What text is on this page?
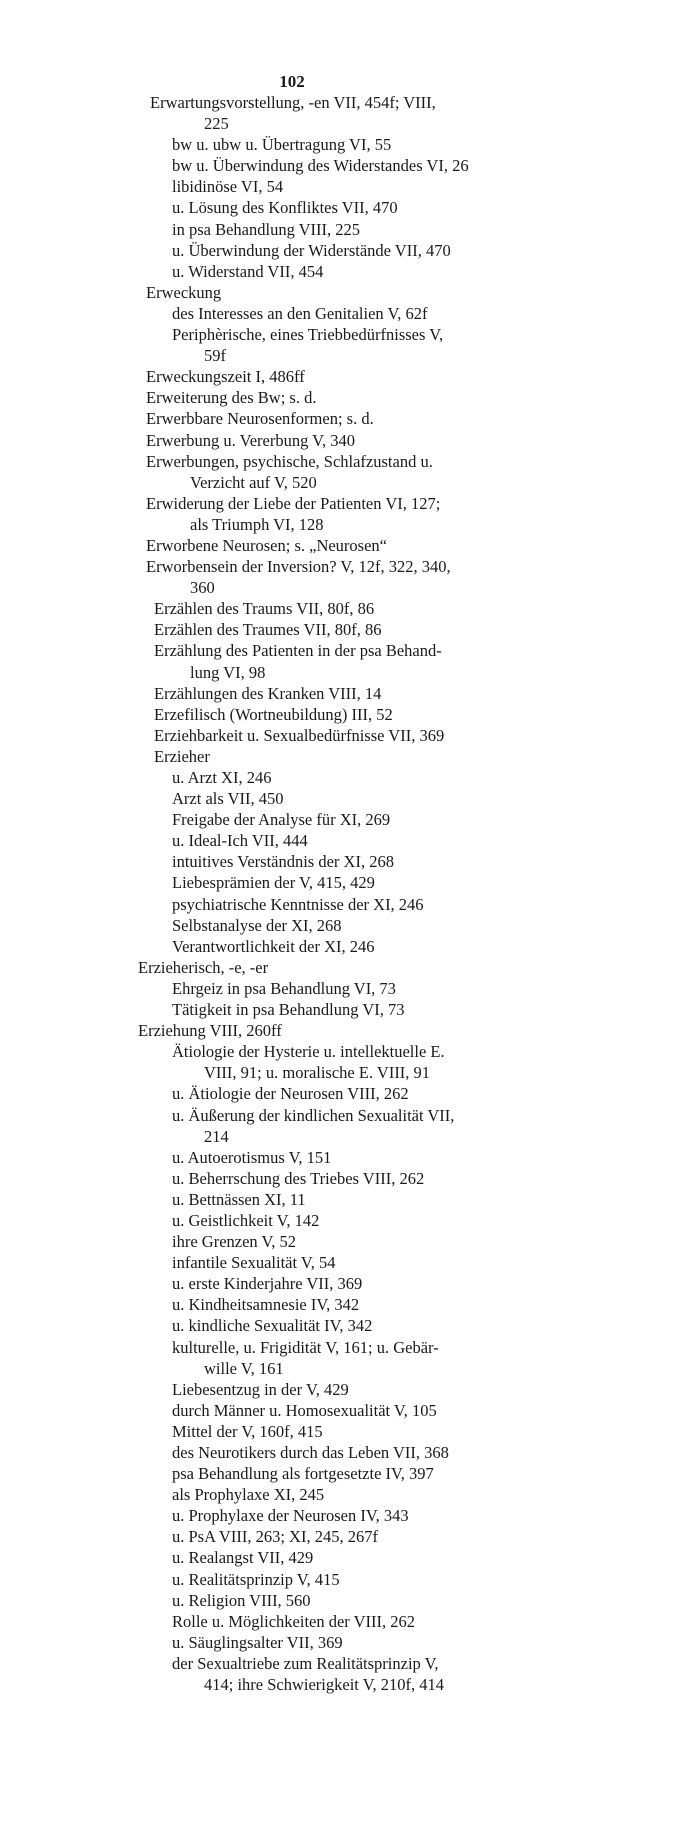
102
Erwartungsvorstellung, -en VII, 454f; VIII,
225
bw u. ubw u. Übertragung VI, 55
bw u. Überwindung des Widerstandes VI, 26
libidinöse VI, 54
u. Lösung des Konfliktes VII, 470
in psa Behandlung VIII, 225
u. Überwindung der Widerstände VII, 470
u. Widerstand VII, 454
Erweckung
des Interesses an den Genitalien V, 62f
Periphèrische, eines Triebbedürfnisses V,
59f
Erweckungszeit I, 486ff
Erweiterung des Bw; s. d.
Erwerbbare Neurosenformen; s. d.
Erwerbung u. Vererbung V, 340
Erwerbungen, psychische, Schlafzustand u.
Verzicht auf V, 520
Erwiderung der Liebe der Patienten VI, 127;
als Triumph VI, 128
Erworbene Neurosen; s. „Neurosen“
Erworbensein der Inversion? V, 12f, 322, 340,
360
Erzählen des Traums VII, 80f, 86
Erzählen des Traumes VII, 80f, 86
Erzählung des Patienten in der psa Behand-
lung VI, 98
Erzählungen des Kranken VIII, 14
Erzefilisch (Wortneubildung) III, 52
Erziehbarkeit u. Sexualbedürfnisse VII, 369
Erzieher
u. Arzt XI, 246
Arzt als VII, 450
Freigabe der Analyse für XI, 269
u. Ideal-Ich VII, 444
intuitives Verständnis der XI, 268
Liebesprämien der V, 415, 429
psychiatrische Kenntnisse der XI, 246
Selbstanalyse der XI, 268
Verantwortlichkeit der XI, 246
Erzieherisch, -e, -er
Ehrgeiz in psa Behandlung VI, 73
Tätigkeit in psa Behandlung VI, 73
Erziehung VIII, 260ff
Ätiologie der Hysterie u. intellektuelle E.
VIII, 91; u. moralische E. VIII, 91
u. Ätiologie der Neurosen VIII, 262
u. Äußerung der kindlichen Sexualität VII,
214
u. Autoerotismus V, 151
u. Beherrschung des Triebes VIII, 262
u. Bettnässen XI, 11
u. Geistlichkeit V, 142
ihre Grenzen V, 52
infantile Sexualität V, 54
u. erste Kinderjahre VII, 369
u. Kindheitsamnesie IV, 342
u. kindliche Sexualität IV, 342
kulturelle, u. Frigidität V, 161; u. Gebär-
wille V, 161
Liebesentzug in der V, 429
durch Männer u. Homosexualität V, 105
Mittel der V, 160f, 415
des Neurotikers durch das Leben VII, 368
psa Behandlung als fortgesetzte IV, 397
als Prophylaxe XI, 245
u. Prophylaxe der Neurosen IV, 343
u. PsA VIII, 263; XI, 245, 267f
u. Realangst VII, 429
u. Realitätsprinzip V, 415
u. Religion VIII, 560
Rolle u. Möglichkeiten der VIII, 262
u. Säuglingsalter VII, 369
der Sexualtriebe zum Realitätsprinzip V,
414; ihre Schwierigkeit V, 210f, 414
